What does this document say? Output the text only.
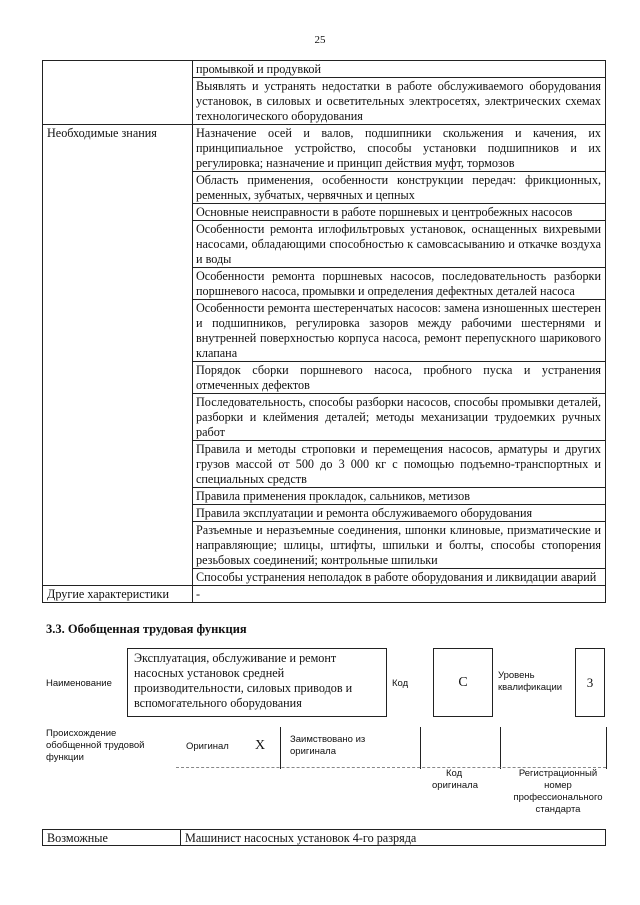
25
	промывкой и продувкой
	Выявлять и устранять недостатки в работе обслуживаемого оборудования установок, в силовых и осветительных электросетях, электрических схемах технологического оборудования
Необходимые знания	Назначение осей и валов, подшипники скольжения и качения, их принципиальное устройство, способы установки подшипников и их регулировка; назначение и принцип действия муфт, тормозов
	Область применения, особенности конструкции передач: фрикционных, ременных, зубчатых, червячных и цепных
	Основные неисправности в работе поршневых и центробежных насосов
	Особенности ремонта иглофильтровых установок, оснащенных вихревыми насосами, обладающими способностью к самовсасыванию и откачке воздуха и воды
	Особенности ремонта поршневых насосов, последовательность разборки поршневого насоса, промывки и определения дефектных деталей насоса
	Особенности ремонта шестеренчатых насосов: замена изношенных шестерен и подшипников, регулировка зазоров между рабочими шестернями и внутренней поверхностью корпуса насоса, ремонт перепускного шарикового клапана
	Порядок сборки поршневого насоса, пробного пуска и устранения отмеченных дефектов
	Последовательность, способы разборки насосов, способы промывки деталей, разборки и клеймения деталей; методы механизации трудоемких ручных работ
	Правила и методы строповки и перемещения насосов, арматуры и других грузов массой от 500 до 3 000 кг с помощью подъемно-транспортных и специальных средств
	Правила применения прокладок, сальников, метизов
	Правила эксплуатации и ремонта обслуживаемого оборудования
	Разъемные и неразъемные соединения, шпонки клиновые, призматические и направляющие; шлицы, штифты, шпильки и болты, способы стопорения резьбовых соединений; контрольные шпильки
	Способы устранения неполадок в работе оборудования и ликвидации аварий
Другие характеристики	-
3.3. Обобщенная трудовая функция
Наименование
Эксплуатация, обслуживание и ремонт насосных установок средней производительности, силовых приводов и вспомогательного оборудования
Код	C	Уровень
квалификации	3
Происхождение
обобщенной трудовой
функции
Оригинал X	Заимствовано из
оригинала
Код
оригинала
Регистрационный
номер
профессионального
стандарта
Возможные	Машинист насосных установок 4-го разряда
